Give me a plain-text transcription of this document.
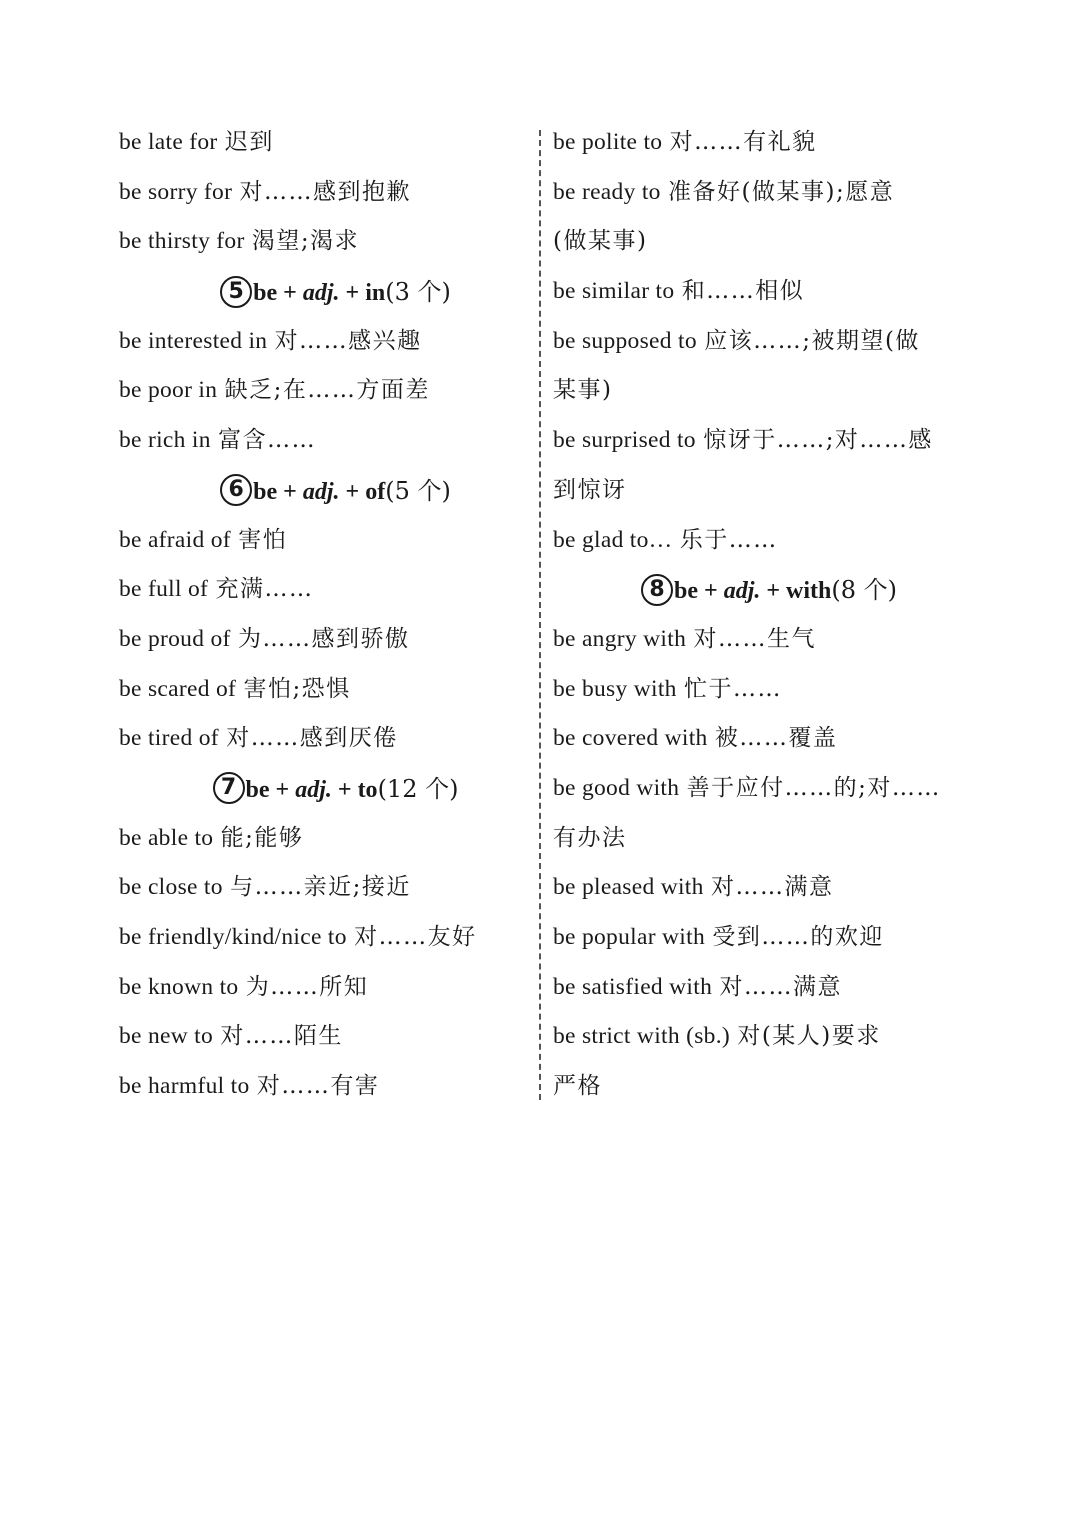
be late for 迟到
be sorry for 对……感到抱歉
be thirsty for 渴望;渴求
5 be + adj. + in(3 个)
be interested in 对……感兴趣
be poor in 缺乏;在……方面差
be rich in 富含……
6 be + adj. + of(5 个)
be afraid of 害怕
be full of 充满……
be proud of 为……感到骄傲
be scared of 害怕;恐惧
be tired of 对……感到厌倦
7 be + adj. + to(12 个)
be able to 能;能够
be close to 与……亲近;接近
be friendly/kind/nice to 对……友好
be known to 为……所知
be new to 对……陌生
be harmful to 对……有害
be polite to 对……有礼貌
be ready to 准备好(做某事);愿意
(做某事)
be similar to 和……相似
be supposed to 应该……;被期望(做
某事)
be surprised to 惊讶于……;对……感
到惊讶
be glad to… 乐于……
8 be + adj. + with(8 个)
be angry with 对……生气
be busy with 忙于……
be covered with 被……覆盖
be good with 善于应付……的;对……
有办法
be pleased with 对……满意
be popular with 受到……的欢迎
be satisfied with 对……满意
be strict with (sb.) 对(某人)要求
严格
